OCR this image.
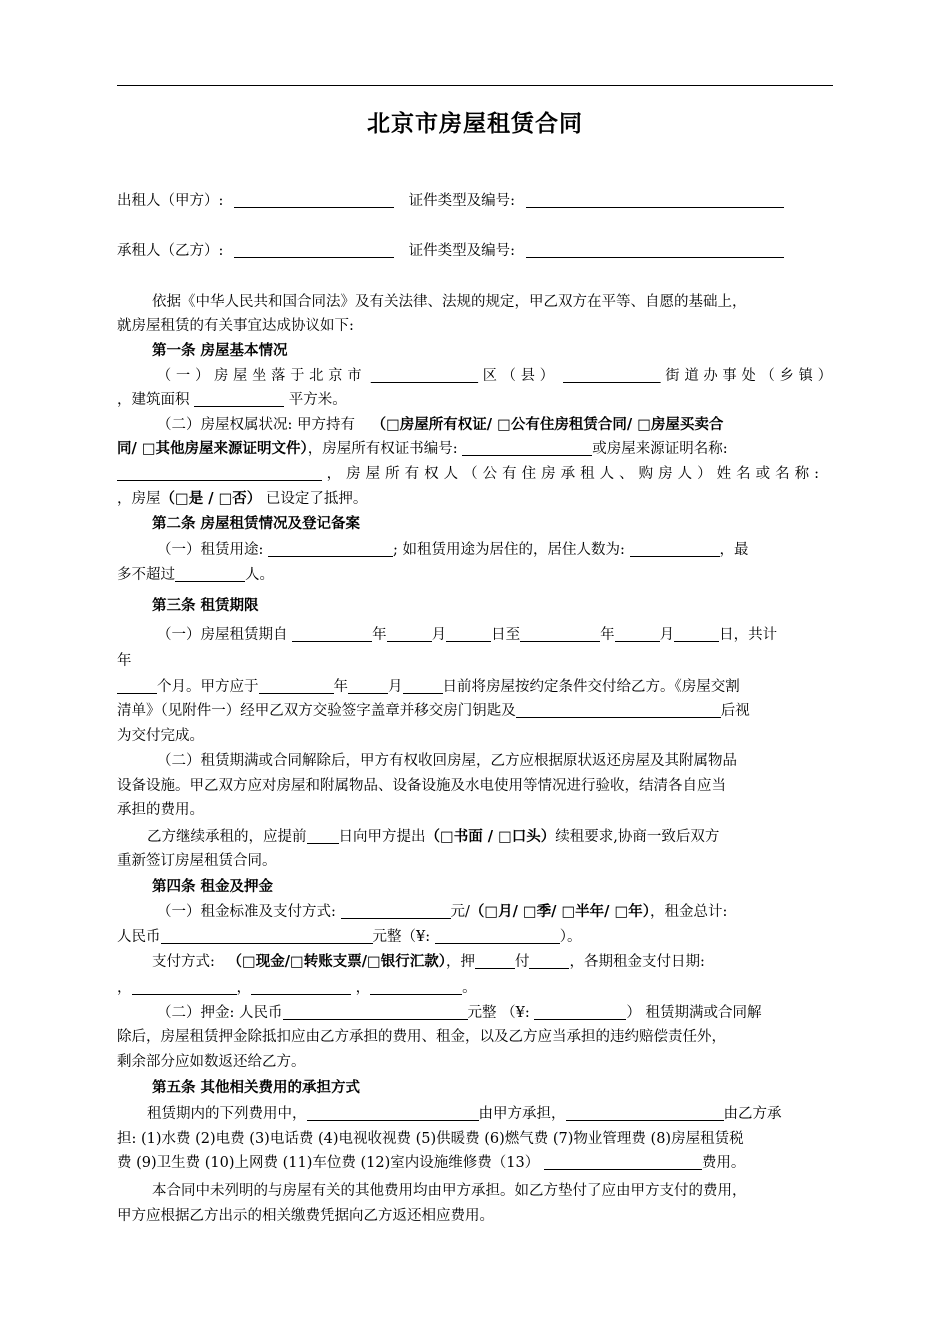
北京市房屋租赁合同
出租人（甲方）:	证件类型及编号:
承租人（乙方）:	证件类型及编号:
依据《中华人民共和国合同法》及有关法律、法规的规定，甲乙双方在平等、自愿的基础上，
就房屋租赁的有关事宜达成协议如下:
第一条 房屋基本情况
（一）房屋坐落于北京市	区（县）	街道办事处（乡镇）
，建筑面积	平方米。
（二）房屋权属状况: 甲方持有 （□房屋所有权证/ □公有住房租赁合同/ □房屋买卖合
同/ □其他房屋来源证明文件），房屋所有权证书编号:	或房屋来源证明名称:
，房屋所有权人（公有住房承租人、购房人）姓名或名称:
，房屋（□是 / □否） 已设定了抵押。
第二条 房屋租赁情况及登记备案
（一）租赁用途:	; 如租赁用途为居住的，居住人数为:	，最
多不超过	人。
第三条 租赁期限
（一）房屋租赁期自	年	月	日至	年	月	日，共计
年
个月。甲方应于	年	月	日前将房屋按约定条件交付给乙方。《房屋交割
清单》（见附件一）经甲乙双方交验签字盖章并移交房门钥匙及	后视
为交付完成。
（二）租赁期满或合同解除后，甲方有权收回房屋，乙方应根据原状返还房屋及其附属物品
设备设施。甲乙双方应对房屋和附属物品、设备设施及水电使用等情况进行验收，结清各自应当
承担的费用。
乙方继续承租的，应提前 日向甲方提出（□书面 / □口头）续租要求,协商一致后双方
重新签订房屋租赁合同。
第四条 租金及押金
（一）租金标准及支付方式:	元/（□月/ □季/ □半年/ □年），租金总计:
人民币	元整（¥:	）。
支付方式: （□现金/□转账支票/□银行汇款），押	付	，各期租金支付日期:
，	，	，	。
（二）押金: 人民币	元整 （¥:	） 租赁期满或合同解
除后，房屋租赁押金除抵扣应由乙方承担的费用、租金，以及乙方应当承担的违约赔偿责任外，
剩余部分应如数返还给乙方。
第五条 其他相关费用的承担方式
租赁期内的下列费用中，	由甲方承担，	由乙方承
担: (1)水费 (2)电费 (3)电话费 (4)电视收视费 (5)供暖费 (6)燃气费 (7)物业管理费 (8)房屋租赁税
费 (9)卫生费 (10)上网费 (11)车位费 (12)室内设施维修费（13）	费用。
本合同中未列明的与房屋有关的其他费用均由甲方承担。如乙方垫付了应由甲方支付的费用，
甲方应根据乙方出示的相关缴费凭据向乙方返还相应费用。
